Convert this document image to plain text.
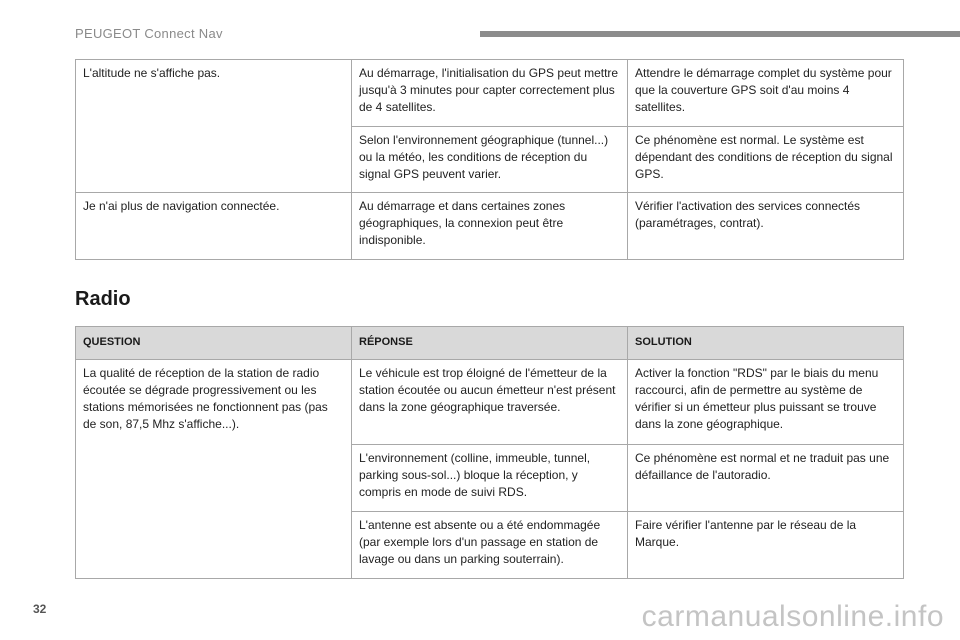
PEUGEOT Connect Nav
L'altitude ne s'affiche pas.	Au démarrage, l'initialisation du GPS peut mettre jusqu'à 3 minutes pour capter correctement plus de 4 satellites.	Attendre le démarrage complet du système pour que la couverture GPS soit d'au moins 4 satellites.
	Selon l'environnement géographique (tunnel...) ou la météo, les conditions de réception du signal GPS peuvent varier.	Ce phénomène est normal. Le système est dépendant des conditions de réception du signal GPS.
Je n'ai plus de navigation connectée.	Au démarrage et dans certaines zones géographiques, la connexion peut être indisponible.	Vérifier l'activation des services connectés (paramétrages, contrat).
Radio
QUESTION	RÉPONSE	SOLUTION
La qualité de réception de la station de radio écoutée se dégrade progressivement ou les stations mémorisées ne fonctionnent pas (pas de son, 87,5 Mhz s'affiche...).	Le véhicule est trop éloigné de l'émetteur de la station écoutée ou aucun émetteur n'est présent dans la zone géographique traversée.	Activer la fonction "RDS" par le biais du menu raccourci, afin de permettre au système de vérifier si un émetteur plus puissant se trouve dans la zone géographique.
	L'environnement (colline, immeuble, tunnel, parking sous-sol...) bloque la réception, y compris en mode de suivi RDS.	Ce phénomène est normal et ne traduit pas une défaillance de l'autoradio.
	L'antenne est absente ou a été endommagée (par exemple lors d'un passage en station de lavage ou dans un parking souterrain).	Faire vérifier l'antenne par le réseau de la Marque.
32	carmanualsonline.info
